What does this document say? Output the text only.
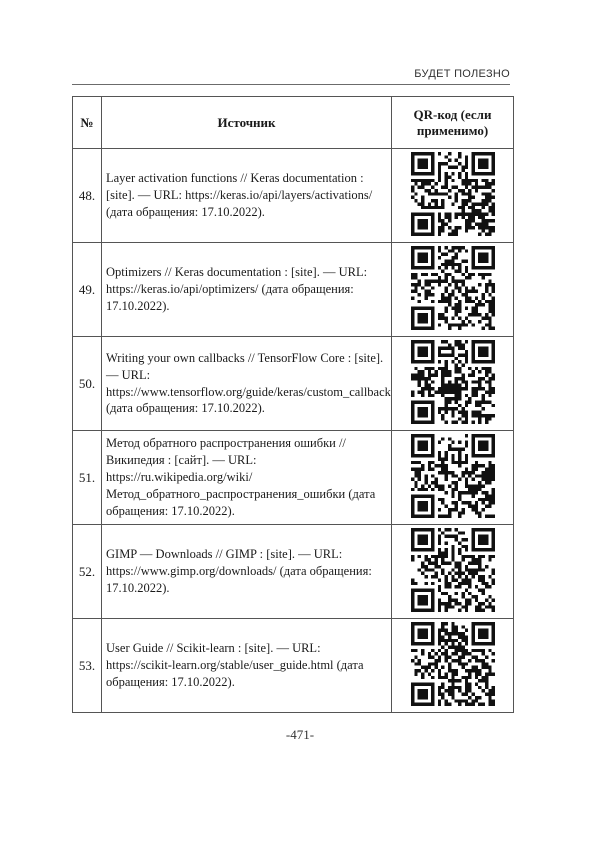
БУДЕТ ПОЛЕЗНО
№	Источник	QR-код (если применимо)
48.	Layer activation functions // Keras documentation : [site]. — URL: https://keras.io/api/layers/activations/ (дата обращения: 17.10.2022).	

49.	Optimizers // Keras documentation : [site]. — URL: https://keras.io/api/optimizers/ (дата обращения: 17.10.2022).	

50.	Writing your own callbacks // TensorFlow Core : [site]. — URL: https://www.tensorflow.org/guide/keras/custom_callback (дата обращения: 17.10.2022).	

51.	Метод обратного распространения ошибки // Википедия : [сайт]. — URL: https://ru.wikipedia.org/wiki/Метод_обратного_распространения_ошибки (дата обращения: 17.10.2022).	

52.	GIMP — Downloads // GIMP : [site]. — URL: https://www.gimp.org/downloads/ (дата обращения: 17.10.2022).	

53.	User Guide // Scikit-learn : [site]. — URL: https://scikit-learn.org/stable/user_guide.html (дата обращения: 17.10.2022).	
-471-
